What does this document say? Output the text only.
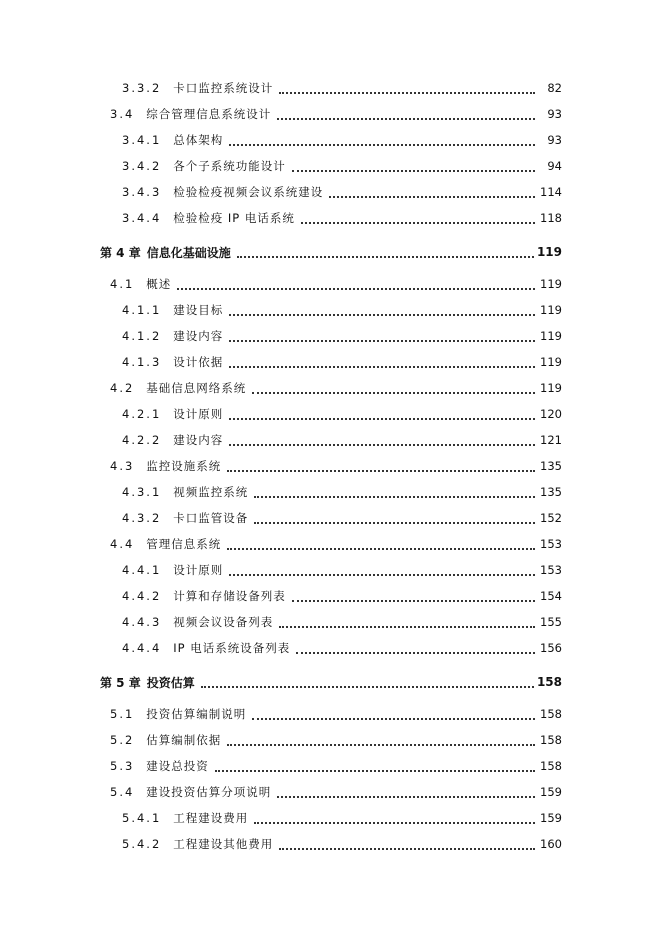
3.3.2 卡口监控系统设计	82
3.4 综合管理信息系统设计	93
3.4.1 总体架构	93
3.4.2 各个子系统功能设计	94
3.4.3 检验检疫视频会议系统建设	114
3.4.4 检验检疫 IP 电话系统	118
第 4 章 信息化基础设施	119
4.1 概述	119
4.1.1 建设目标	119
4.1.2 建设内容	119
4.1.3 设计依据	119
4.2 基础信息网络系统	119
4.2.1 设计原则	120
4.2.2 建设内容	121
4.3 监控设施系统	135
4.3.1 视频监控系统	135
4.3.2 卡口监管设备	152
4.4 管理信息系统	153
4.4.1 设计原则	153
4.4.2 计算和存储设备列表	154
4.4.3 视频会议设备列表	155
4.4.4 IP 电话系统设备列表	156
第 5 章 投资估算	158
5.1 投资估算编制说明	158
5.2 估算编制依据	158
5.3 建设总投资	158
5.4 建设投资估算分项说明	159
5.4.1 工程建设费用	159
5.4.2 工程建设其他费用	160
